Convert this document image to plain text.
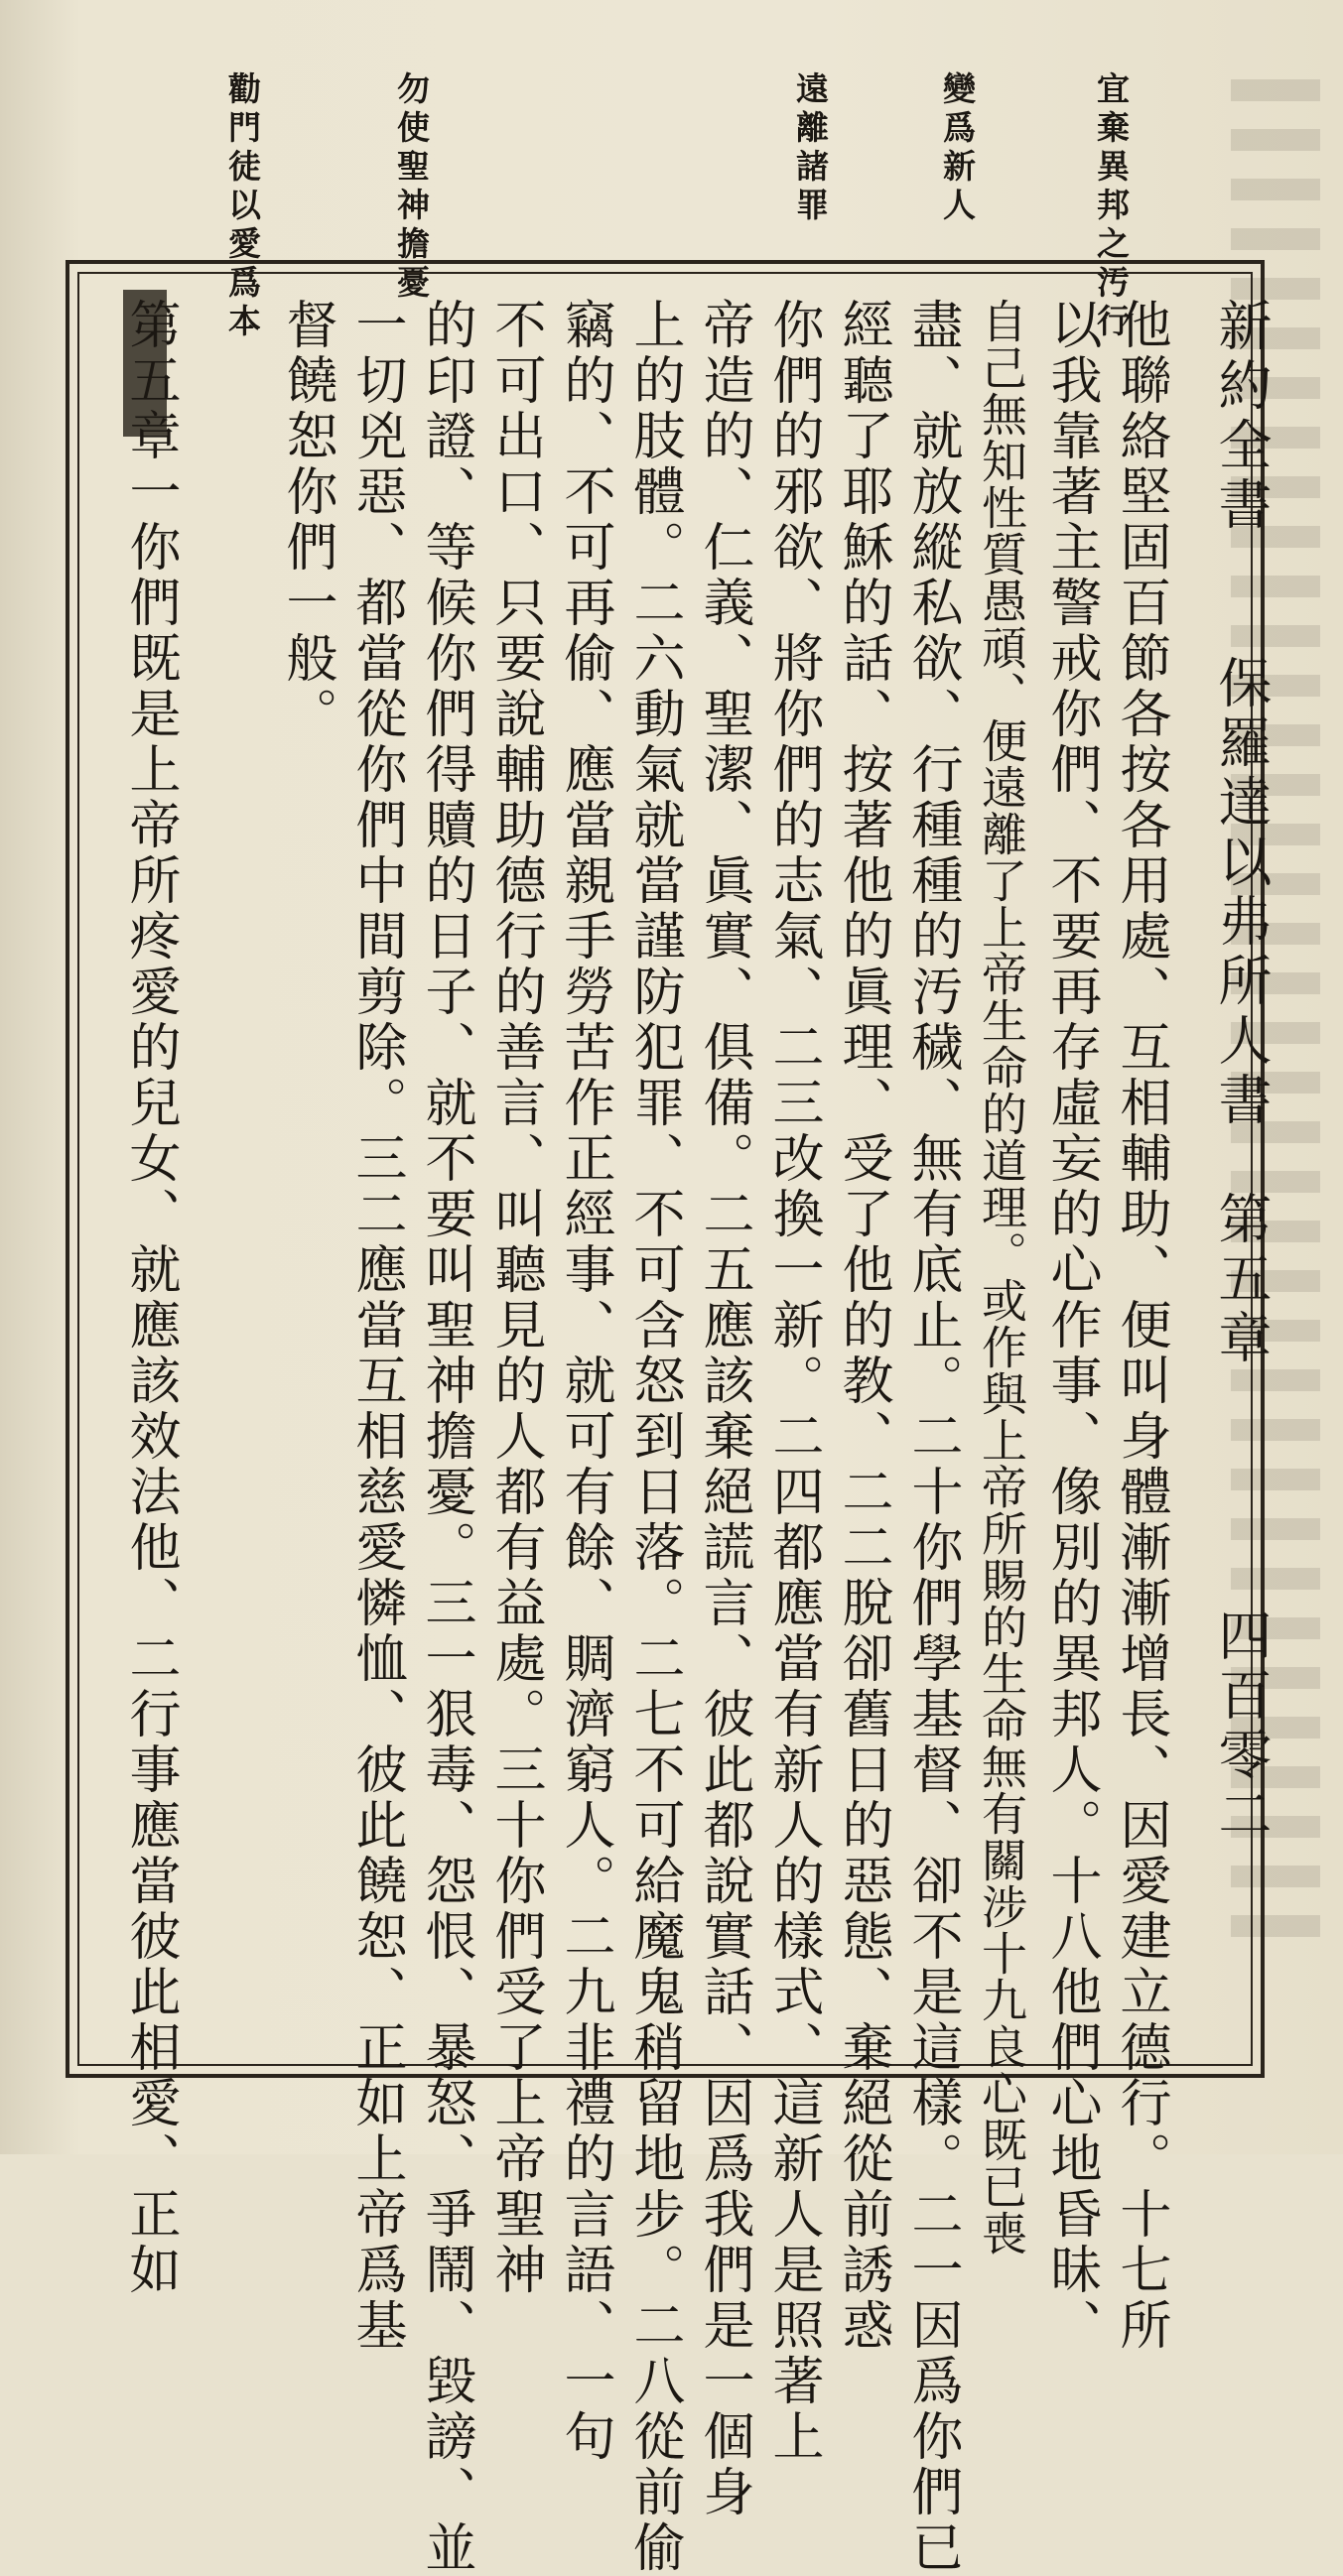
宜棄異邦之汚行
變爲新人
遠離諸罪
勿使聖神擔憂
勸門徒以愛爲本
新約全書
保羅達以弗所人書
第五章
四百零二
他聯絡堅固百節各按各用處、互相輔助、便叫身體漸漸增長、因愛建立德行。十七所
以我靠著主警戒你們、不要再存虛妄的心作事、像別的異邦人。十八他們心地昏昧、
自己無知性質愚頑、便遠離了上帝生命的道理。或作與上帝所賜的生命無有關涉十九良心既已喪
盡、就放縱私欲、行種種的汚穢、無有底止。二十你們學基督、卻不是這樣。二一因爲你們已
經聽了耶穌的話、按著他的眞理、受了他的教、二二脫卻舊日的惡態、棄絕從前誘惑
你們的邪欲、將你們的志氣、二三改換一新。二四都應當有新人的樣式、這新人是照著上
帝造的、仁義、聖潔、眞實、俱備。二五應該棄絕謊言、彼此都說實話、因爲我們是一個身
上的肢體。二六動氣就當謹防犯罪、不可含怒到日落。二七不可給魔鬼稍留地步。二八從前偷
竊的、不可再偷、應當親手勞苦作正經事、就可有餘、賙濟窮人。二九非禮的言語、一句
不可出口、只要說輔助德行的善言、叫聽見的人都有益處。三十你們受了上帝聖神
的印證、等候你們得贖的日子、就不要叫聖神擔憂。三一狠毒、怨恨、暴怒、爭鬧、毀謗、並
一切兇惡、都當從你們中間剪除。三二應當互相慈愛憐恤、彼此饒恕、正如上帝爲基
督饒恕你們一般。
第五章一你們既是上帝所疼愛的兒女、就應該效法他、二行事應當彼此相愛、正如
